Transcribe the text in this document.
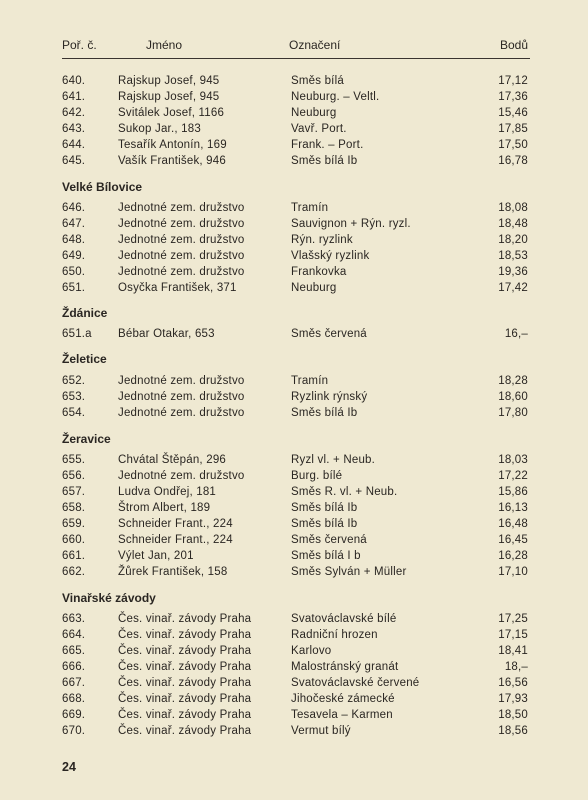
Poř. č.	Jméno	Označení	Bodů
640.	Rajskup Josef, 945	Směs bílá	17,12
641.	Rajskup Josef, 945	Neuburg. – Veltl.	17,36
642.	Svitálek Josef, 1166	Neuburg	15,46
643.	Sukop Jar., 183	Vavř. Port.	17,85
644.	Tesařík Antonín, 169	Frank. – Port.	17,50
645.	Vašík František, 946	Směs bílá Ib	16,78
Velké Bílovice
646.	Jednotné zem. družstvo	Tramín	18,08
647.	Jednotné zem. družstvo	Sauvignon + Rýn. ryzl.	18,48
648.	Jednotné zem. družstvo	Rýn. ryzlink	18,20
649.	Jednotné zem. družstvo	Vlašský ryzlink	18,53
650.	Jednotné zem. družstvo	Frankovka	19,36
651.	Osyčka František, 371	Neuburg	17,42
Ždánice
651.a Bébar Otakar, 653	Směs červená	16,–
Želetice
652.	Jednotné zem. družstvo	Tramín	18,28
653.	Jednotné zem. družstvo	Ryzlink rýnský	18,60
654.	Jednotné zem. družstvo	Směs bílá Ib	17,80
Žeravice
655.	Chvátal Štěpán, 296	Ryzl vl. + Neub.	18,03
656.	Jednotné zem. družstvo	Burg. bílé	17,22
657.	Ludva Ondřej, 181	Směs R. vl. + Neub.	15,86
658.	Štrom Albert, 189	Směs bílá Ib	16,13
659.	Schneider Frant., 224	Směs bílá Ib	16,48
660.	Schneider Frant., 224	Směs červená	16,45
661.	Výlet Jan, 201	Směs bílá I b	16,28
662.	Žůrek František, 158	Směs Sylván + Müller	17,10
Vinařské závody
663.	Čes. vinař. závody Praha	Svatováclavské bílé	17,25
664.	Čes. vinař. závody Praha	Radniční hrozen	17,15
665.	Čes. vinař. závody Praha	Karlovo	18,41
666.	Čes. vinař. závody Praha	Malostránský granát	18,–
667.	Čes. vinař. závody Praha	Svatováclavské červené	16,56
668.	Čes. vinař. závody Praha	Jihočeské zámecké	17,93
669.	Čes. vinař. závody Praha	Tesavela – Karmen	18,50
670.	Čes. vinař. závody Praha	Vermut bílý	18,56
24
